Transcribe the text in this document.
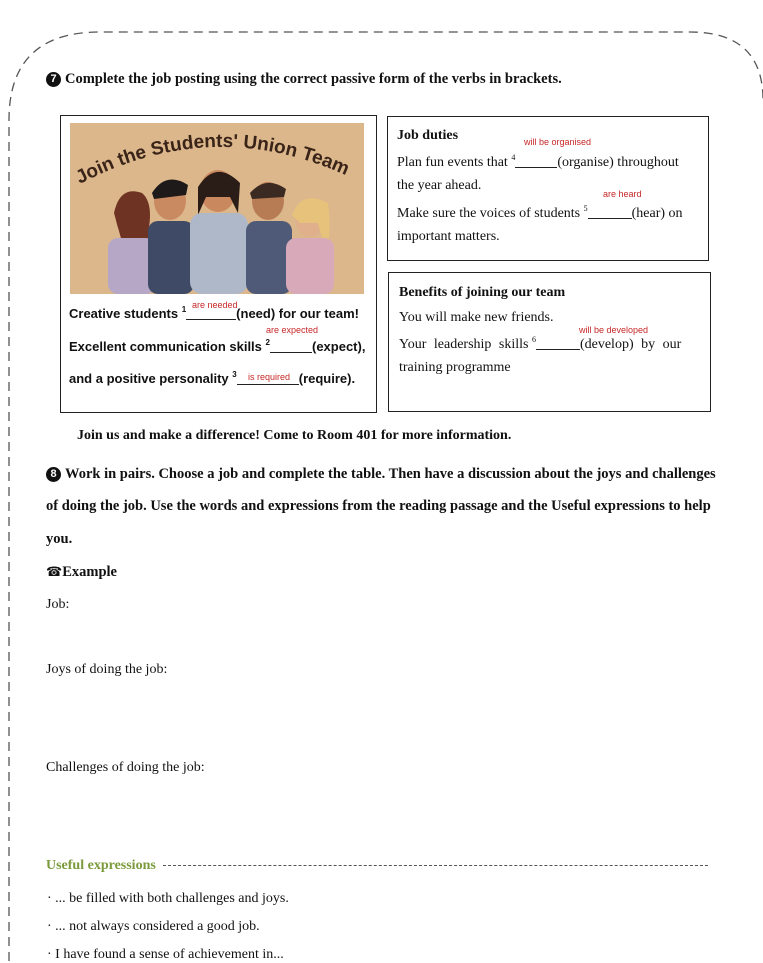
7 Complete the job posting using the correct passive form of the verbs in brackets.
Join the Students' Union Team
are needed
Creative students $^1$	(need) for our team!
are expected
Excellent communication skills $^2$	(expect),
is required
and a positive personality $^3$	(require).
Job duties	will be organised
Plan fun events that $^4$	(organise) throughout
the year ahead.
are heard
Make sure the voices of students $^5$	(hear) on
important matters.
Benefits of joining our team
You will make new friends.
will be developed
Your leadership skills $^6$	(develop) by our
training programme
Join us and make a difference! Come to Room 401 for more information.
8 Work in pairs. Choose a job and complete the table. Then have a discussion about the joys and challenges
of doing the job. Use the words and expressions from the reading passage and the Useful expressions to help
you.
☎Example
Job:
Joys of doing the job:
Challenges of doing the job:
Useful expressions
· ... be filled with both challenges and joys.
· ... not always considered a good job.
· I have found a sense of achievement in...
